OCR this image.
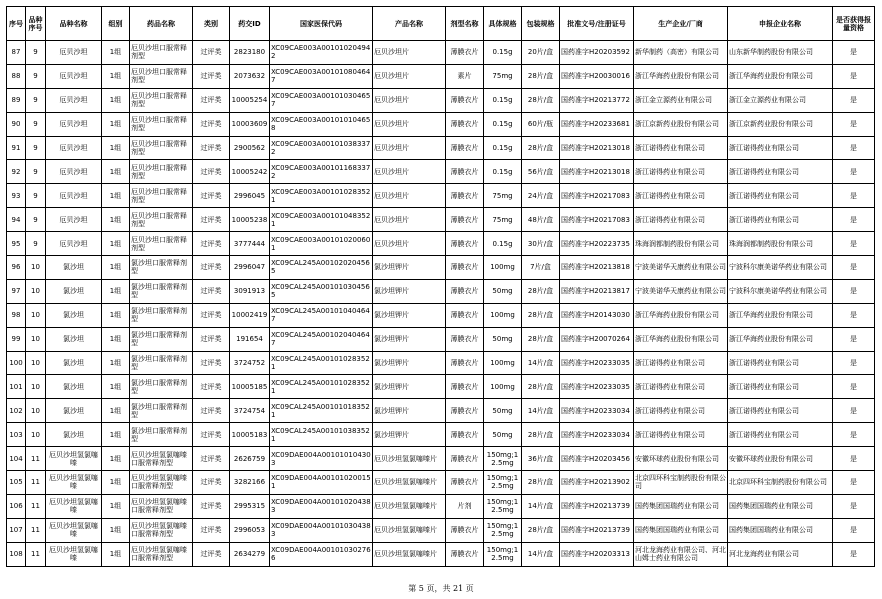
序号	品种序号	品种名称	组别	药品名称	类别	药交ID	国家医保代码	产品名称	剂型名称	具体规格	包装规格	批准文号/注册证号	生产企业/厂商	申报企业名称	是否获得报量资格
87	9	厄贝沙坦	1组	厄贝沙坦口服常释剂型	过评类	2823180	XC09CAE003A001010204942	厄贝沙坦片	薄膜衣片	0.15g	20片/盒	国药准字H20203592	新华制药（高密）有限公司	山东新华制药股份有限公司	是
88	9	厄贝沙坦	1组	厄贝沙坦口服常释剂型	过评类	2073632	XC09CAE003A001010804647	厄贝沙坦片	素片	75mg	28片/盒	国药准字H20030016	浙江华海药业股份有限公司	浙江华海药业股份有限公司	是
89	9	厄贝沙坦	1组	厄贝沙坦口服常释剂型	过评类	10005254	XC09CAE003A001010304657	厄贝沙坦片	薄膜衣片	0.15g	28片/盒	国药准字H20213772	浙江金立源药业有限公司	浙江金立源药业有限公司	是
90	9	厄贝沙坦	1组	厄贝沙坦口服常释剂型	过评类	10003609	XC09CAE003A001010104658	厄贝沙坦片	薄膜衣片	0.15g	60片/瓶	国药准字H20233681	浙江京新药业股份有限公司	浙江京新药业股份有限公司	是
91	9	厄贝沙坦	1组	厄贝沙坦口服常释剂型	过评类	2900562	XC09CAE003A001010383372	厄贝沙坦片	薄膜衣片	0.15g	28片/盒	国药准字H20213018	浙江诺得药业有限公司	浙江诺得药业有限公司	是
92	9	厄贝沙坦	1组	厄贝沙坦口服常释剂型	过评类	10005242	XC09CAE003A001011683372	厄贝沙坦片	薄膜衣片	0.15g	56片/盒	国药准字H20213018	浙江诺得药业有限公司	浙江诺得药业有限公司	是
93	9	厄贝沙坦	1组	厄贝沙坦口服常释剂型	过评类	2996045	XC09CAE003A001010283521	厄贝沙坦片	薄膜衣片	75mg	24片/盒	国药准字H20217083	浙江诺得药业有限公司	浙江诺得药业有限公司	是
94	9	厄贝沙坦	1组	厄贝沙坦口服常释剂型	过评类	10005238	XC09CAE003A001010483521	厄贝沙坦片	薄膜衣片	75mg	48片/盒	国药准字H20217083	浙江诺得药业有限公司	浙江诺得药业有限公司	是
95	9	厄贝沙坦	1组	厄贝沙坦口服常释剂型	过评类	3777444	XC09CAE003A001010200601	厄贝沙坦片	薄膜衣片	0.15g	30片/盒	国药准字H20223735	珠海润都制药股份有限公司	珠海润都制药股份有限公司	是
96	10	氯沙坦	1组	氯沙坦口服常释剂型	过评类	2996047	XC09CAL245A001020204565	氯沙坦钾片	薄膜衣片	100mg	7片/盒	国药准字H20213818	宁波美诺华天康药业有限公司	宁波科尔康美诺华药业有限公司	是
97	10	氯沙坦	1组	氯沙坦口服常释剂型	过评类	3091913	XC09CAL245A001010304565	氯沙坦钾片	薄膜衣片	50mg	28片/盒	国药准字H20213817	宁波美诺华天康药业有限公司	宁波科尔康美诺华药业有限公司	是
98	10	氯沙坦	1组	氯沙坦口服常释剂型	过评类	10002419	XC09CAL245A001010404647	氯沙坦钾片	薄膜衣片	100mg	28片/盒	国药准字H20143030	浙江华海药业股份有限公司	浙江华海药业股份有限公司	是
99	10	氯沙坦	1组	氯沙坦口服常释剂型	过评类	191654	XC09CAL245A001020404647	氯沙坦钾片	薄膜衣片	50mg	28片/盒	国药准字H20070264	浙江华海药业股份有限公司	浙江华海药业股份有限公司	是
100	10	氯沙坦	1组	氯沙坦口服常释剂型	过评类	3724752	XC09CAL245A001010283521	氯沙坦钾片	薄膜衣片	100mg	14片/盒	国药准字H20233035	浙江诺得药业有限公司	浙江诺得药业有限公司	是
101	10	氯沙坦	1组	氯沙坦口服常释剂型	过评类	10005185	XC09CAL245A001010283521	氯沙坦钾片	薄膜衣片	100mg	28片/盒	国药准字H20233035	浙江诺得药业有限公司	浙江诺得药业有限公司	是
102	10	氯沙坦	1组	氯沙坦口服常释剂型	过评类	3724754	XC09CAL245A001010183521	氯沙坦钾片	薄膜衣片	50mg	14片/盒	国药准字H20233034	浙江诺得药业有限公司	浙江诺得药业有限公司	是
103	10	氯沙坦	1组	氯沙坦口服常释剂型	过评类	10005183	XC09CAL245A001010383521	氯沙坦钾片	薄膜衣片	50mg	28片/盒	国药准字H20233034	浙江诺得药业有限公司	浙江诺得药业有限公司	是
104	11	厄贝沙坦氢氯噻嗪	1组	厄贝沙坦氢氯噻嗪口服常释剂型	过评类	2626759	XC09DAE004A001010104303	厄贝沙坦氢氯噻嗪片	薄膜衣片	150mg;12.5mg	36片/盒	国药准字H20203456	安徽环球药业股份有限公司	安徽环球药业股份有限公司	是
105	11	厄贝沙坦氢氯噻嗪	1组	厄贝沙坦氢氯噻嗪口服常释剂型	过评类	3282166	XC09DAE004A001010200151	厄贝沙坦氢氯噻嗪片	薄膜衣片	150mg;12.5mg	28片/盒	国药准字H20213902	北京四环科宝制药股份有限公司	北京四环科宝制药股份有限公司	是
106	11	厄贝沙坦氢氯噻嗪	1组	厄贝沙坦氢氯噻嗪口服常释剂型	过评类	2995315	XC09DAE004A001010204383	厄贝沙坦氢氯噻嗪片	片剂	150mg;12.5mg	14片/盒	国药准字H20213739	国药集团国瑞药业有限公司	国药集团国瑞药业有限公司	是
107	11	厄贝沙坦氢氯噻嗪	1组	厄贝沙坦氢氯噻嗪口服常释剂型	过评类	2996053	XC09DAE004A001010304383	厄贝沙坦氢氯噻嗪片	薄膜衣片	150mg;12.5mg	28片/盒	国药准字H20213739	国药集团国瑞药业有限公司	国药集团国瑞药业有限公司	是
108	11	厄贝沙坦氢氯噻嗪	1组	厄贝沙坦氢氯噻嗪口服常释剂型	过评类	2634279	XC09DAE004A001010302766	厄贝沙坦氢氯噻嗪片	薄膜衣片	150mg;12.5mg	14片/盒	国药准字H20203313	河北龙海药业有限公司、河北山姆士药业有限公司	河北龙海药业有限公司	是
第 5 页，共 21 页
